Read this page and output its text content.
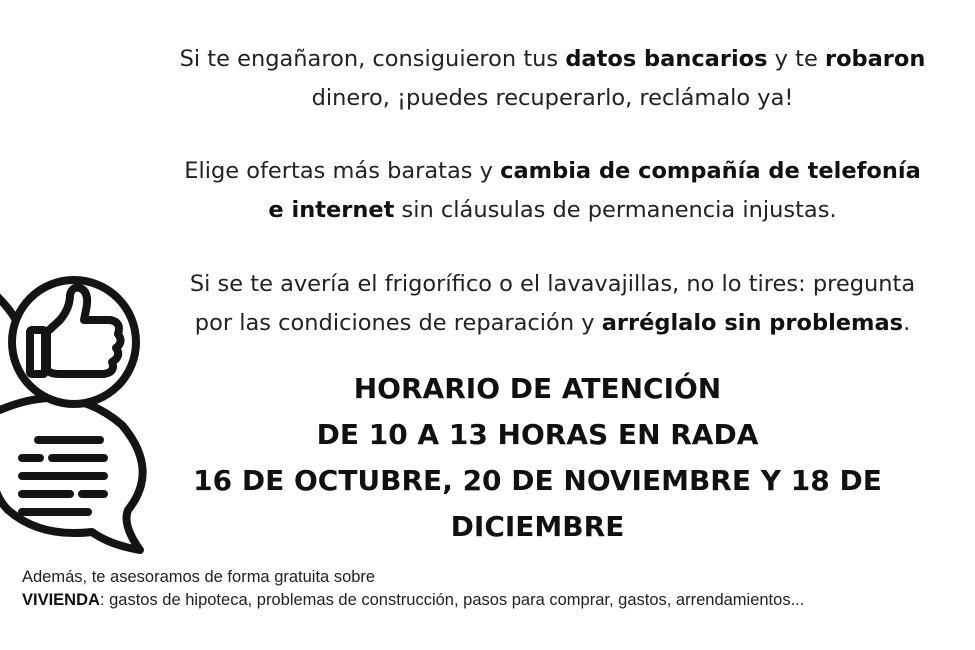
Si te engañaron, consiguieron tus datos bancarios y te robaron
dinero, ¡puedes recuperarlo, reclámalo ya!
Elige ofertas más baratas y cambia de compañía de telefonía
e internet sin cláusulas de permanencia injustas.
Si se te avería el frigorífico o el lavavajillas, no lo tires: pregunta
por las condiciones de reparación y arréglalo sin problemas.
HORARIO DE ATENCIÓN
DE 10 A 13 HORAS EN RADA
16 DE OCTUBRE, 20 DE NOVIEMBRE Y 18 DE
DICIEMBRE
Además, te asesoramos de forma gratuita sobre
VIVIENDA: gastos de hipoteca, problemas de construcción, pasos para comprar, gastos, arrendamientos...
